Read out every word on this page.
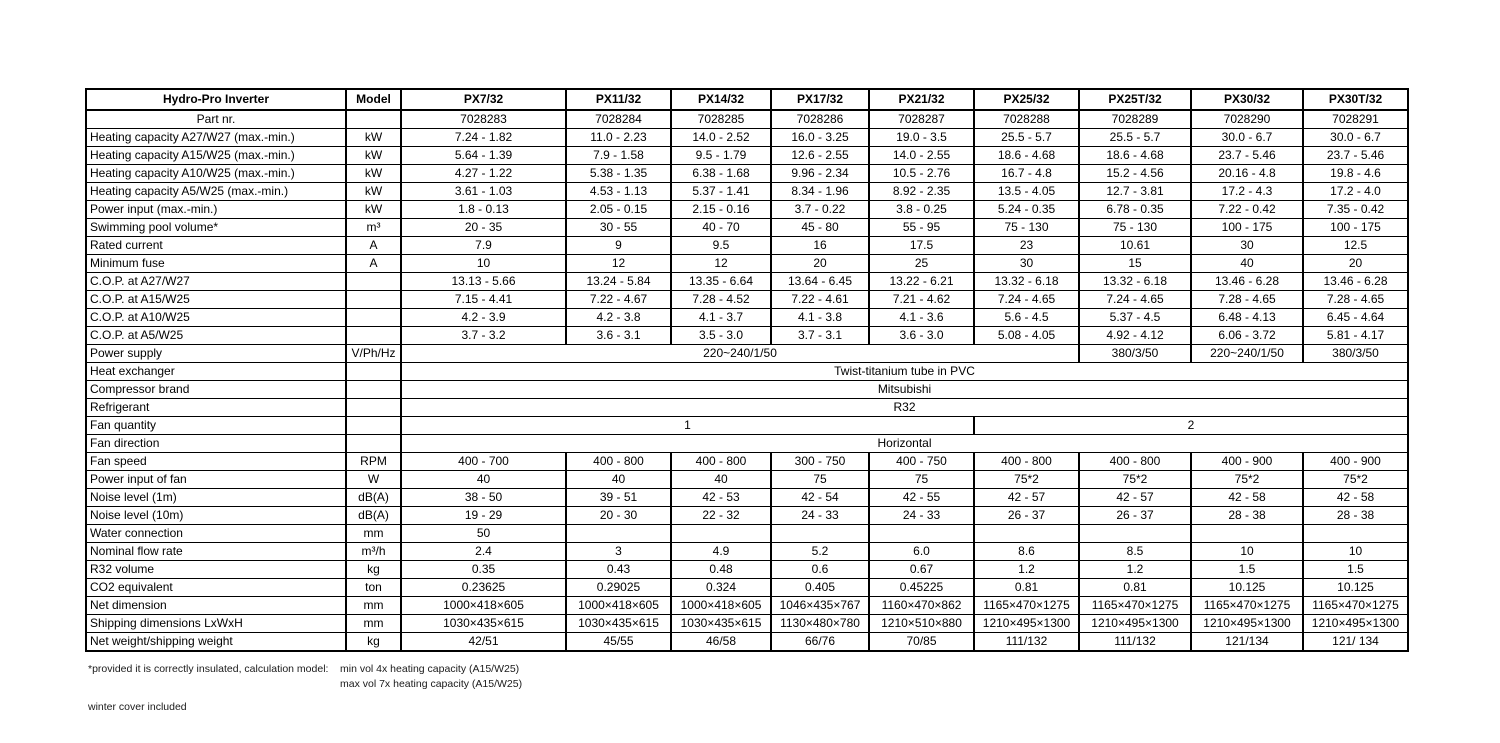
Hydro-Pro Inverter	Model	PX7/32	PX11/32	PX14/32	PX17/32	PX21/32	PX25/32	PX25T/32	PX30/32	PX30T/32
Part nr.		7028283	7028284	7028285	7028286	7028287	7028288	7028289	7028290	7028291
Heating capacity A27/W27 (max.-min.)	kW	7.24 - 1.82	11.0 - 2.23	14.0 - 2.52	16.0 - 3.25	19.0 - 3.5	25.5 - 5.7	25.5 - 5.7	30.0 - 6.7	30.0 - 6.7
Heating capacity A15/W25 (max.-min.)	kW	5.64 - 1.39	7.9 - 1.58	9.5 - 1.79	12.6 - 2.55	14.0 - 2.55	18.6 - 4.68	18.6 - 4.68	23.7 - 5.46	23.7 - 5.46
Heating capacity A10/W25 (max.-min.)	kW	4.27 - 1.22	5.38 - 1.35	6.38 - 1.68	9.96 - 2.34	10.5 - 2.76	16.7 - 4.8	15.2 - 4.56	20.16 - 4.8	19.8 - 4.6
Heating capacity A5/W25 (max.-min.)	kW	3.61 - 1.03	4.53 - 1.13	5.37 - 1.41	8.34 - 1.96	8.92 - 2.35	13.5 - 4.05	12.7 - 3.81	17.2 - 4.3	17.2 - 4.0
Power input (max.-min.)	kW	1.8 - 0.13	2.05 - 0.15	2.15 - 0.16	3.7 - 0.22	3.8 - 0.25	5.24 - 0.35	6.78 - 0.35	7.22 - 0.42	7.35 - 0.42
Swimming pool volume*	m³	20 - 35	30 - 55	40 - 70	45 - 80	55 - 95	75 - 130	75 - 130	100 - 175	100 - 175
Rated current	A	7.9	9	9.5	16	17.5	23	10.61	30	12.5
Minimum fuse	A	10	12	12	20	25	30	15	40	20
C.O.P. at A27/W27		13.13 - 5.66	13.24 - 5.84	13.35 - 6.64	13.64 - 6.45	13.22 - 6.21	13.32 - 6.18	13.32 - 6.18	13.46 - 6.28	13.46 - 6.28
C.O.P. at A15/W25		7.15 - 4.41	7.22 - 4.67	7.28 - 4.52	7.22 - 4.61	7.21 - 4.62	7.24 - 4.65	7.24 - 4.65	7.28 - 4.65	7.28 - 4.65
C.O.P. at A10/W25		4.2 - 3.9	4.2 - 3.8	4.1 - 3.7	4.1 - 3.8	4.1 - 3.6	5.6 - 4.5	5.37 - 4.5	6.48 - 4.13	6.45 - 4.64
C.O.P. at A5/W25		3.7 - 3.2	3.6 - 3.1	3.5 - 3.0	3.7 - 3.1	3.6 - 3.0	5.08 - 4.05	4.92 - 4.12	6.06 - 3.72	5.81 - 4.17
Power supply	V/Ph/Hz	220~240/1/50						380/3/50	220~240/1/50	380/3/50
Heat exchanger		Twist-titanium tube in PVC								
Compressor brand		Mitsubishi								
Refrigerant		R32								
Fan quantity		1					2			
Fan direction		Horizontal								
Fan speed	RPM	400 - 700	400 - 800	400 - 800	300 - 750	400 - 750	400 - 800	400 - 800	400 - 900	400 - 900
Power input of fan	W	40	40	40	75	75	75*2	75*2	75*2	75*2
Noise level (1m)	dB(A)	38 - 50	39 - 51	42 - 53	42 - 54	42 - 55	42 - 57	42 - 57	42 - 58	42 - 58
Noise level (10m)	dB(A)	19 - 29	20 - 30	22 - 32	24 - 33	24 - 33	26 - 37	26 - 37	28 - 38	28 - 38
Water connection	mm	50								
Nominal flow rate	m³/h	2.4	3	4.9	5.2	6.0	8.6	8.5	10	10
R32 volume	kg	0.35	0.43	0.48	0.6	0.67	1.2	1.2	1.5	1.5
CO2 equivalent	ton	0.23625	0.29025	0.324	0.405	0.45225	0.81	0.81	10.125	10.125
Net dimension	mm	1000×418×605	1000×418×605	1000×418×605	1046×435×767	1160×470×862	1165×470×1275	1165×470×1275	1165×470×1275	1165×470×1275
Shipping dimensions LxWxH	mm	1030×435×615	1030×435×615	1030×435×615	1130×480×780	1210×510×880	1210×495×1300	1210×495×1300	1210×495×1300	1210×495×1300
Net weight/shipping weight	kg	42/51	45/55	46/58	66/76	70/85	111/132	111/132	121/134	121/ 134
*provided it is correctly insulated, calculation model:	min vol 4x heating capacity (A15/W25)
max vol 7x heating capacity (A15/W25)
winter cover included
